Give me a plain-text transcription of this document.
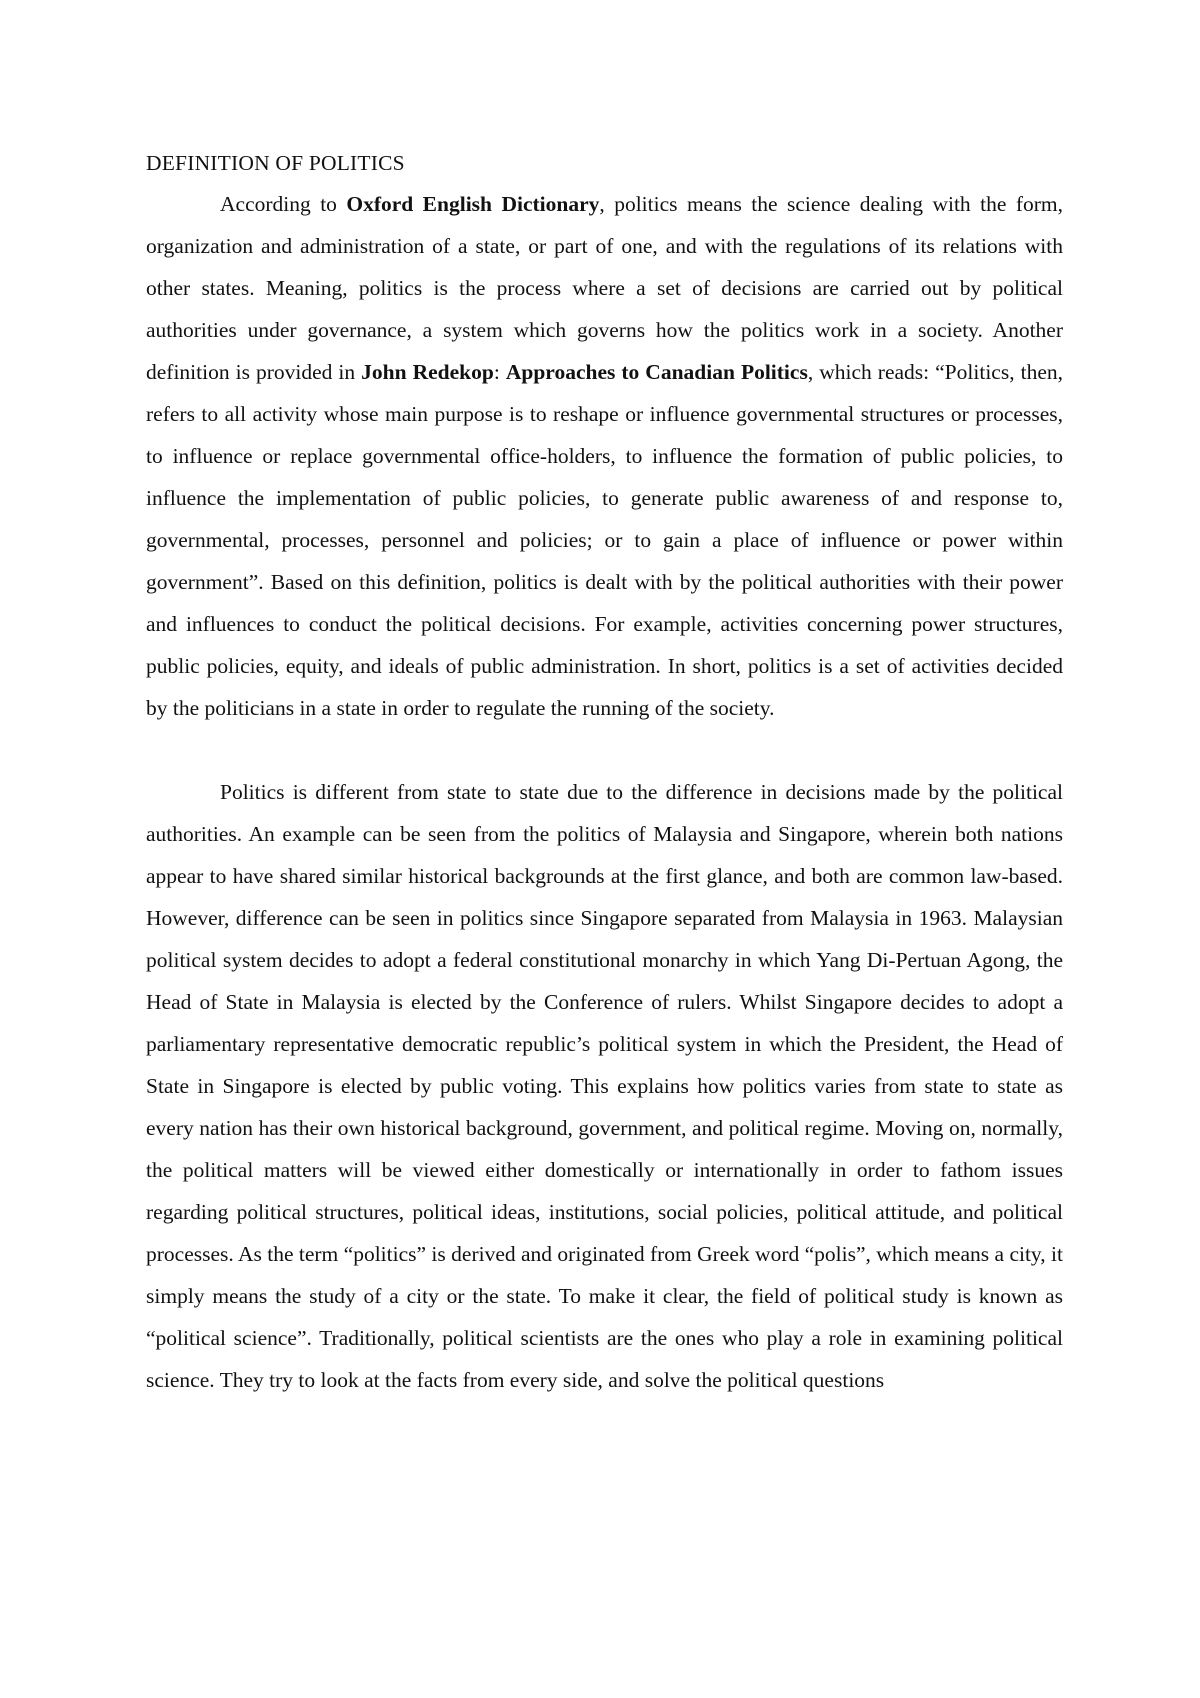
DEFINITION OF POLITICS

According to Oxford English Dictionary, politics means the science dealing with the form, organization and administration of a state, or part of one, and with the regulations of its relations with other states. Meaning, politics is the process where a set of decisions are carried out by political authorities under governance, a system which governs how the politics work in a society. Another definition is provided in John Redekop: Approaches to Canadian Politics, which reads: “Politics, then, refers to all activity whose main purpose is to reshape or influence governmental structures or processes, to influence or replace governmental office-holders, to influence the formation of public policies, to influence the implementation of public policies, to generate public awareness of and response to, governmental, processes, personnel and policies; or to gain a place of influence or power within government”. Based on this definition, politics is dealt with by the political authorities with their power and influences to conduct the political decisions. For example, activities concerning power structures, public policies, equity, and ideals of public administration. In short, politics is a set of activities decided by the politicians in a state in order to regulate the running of the society.

Politics is different from state to state due to the difference in decisions made by the political authorities. An example can be seen from the politics of Malaysia and Singapore, wherein both nations appear to have shared similar historical backgrounds at the first glance, and both are common law-based. However, difference can be seen in politics since Singapore separated from Malaysia in 1963. Malaysian political system decides to adopt a federal constitutional monarchy in which Yang Di-Pertuan Agong, the Head of State in Malaysia is elected by the Conference of rulers. Whilst Singapore decides to adopt a parliamentary representative democratic republic’s political system in which the President, the Head of State in Singapore is elected by public voting. This explains how politics varies from state to state as every nation has their own historical background, government, and political regime. Moving on, normally, the political matters will be viewed either domestically or internationally in order to fathom issues regarding political structures, political ideas, institutions, social policies, political attitude, and political processes. As the term “politics” is derived and originated from Greek word “polis”, which means a city, it simply means the study of a city or the state. To make it clear, the field of political study is known as “political science”. Traditionally, political scientists are the ones who play a role in examining political science. They try to look at the facts from every side, and solve the political questions
